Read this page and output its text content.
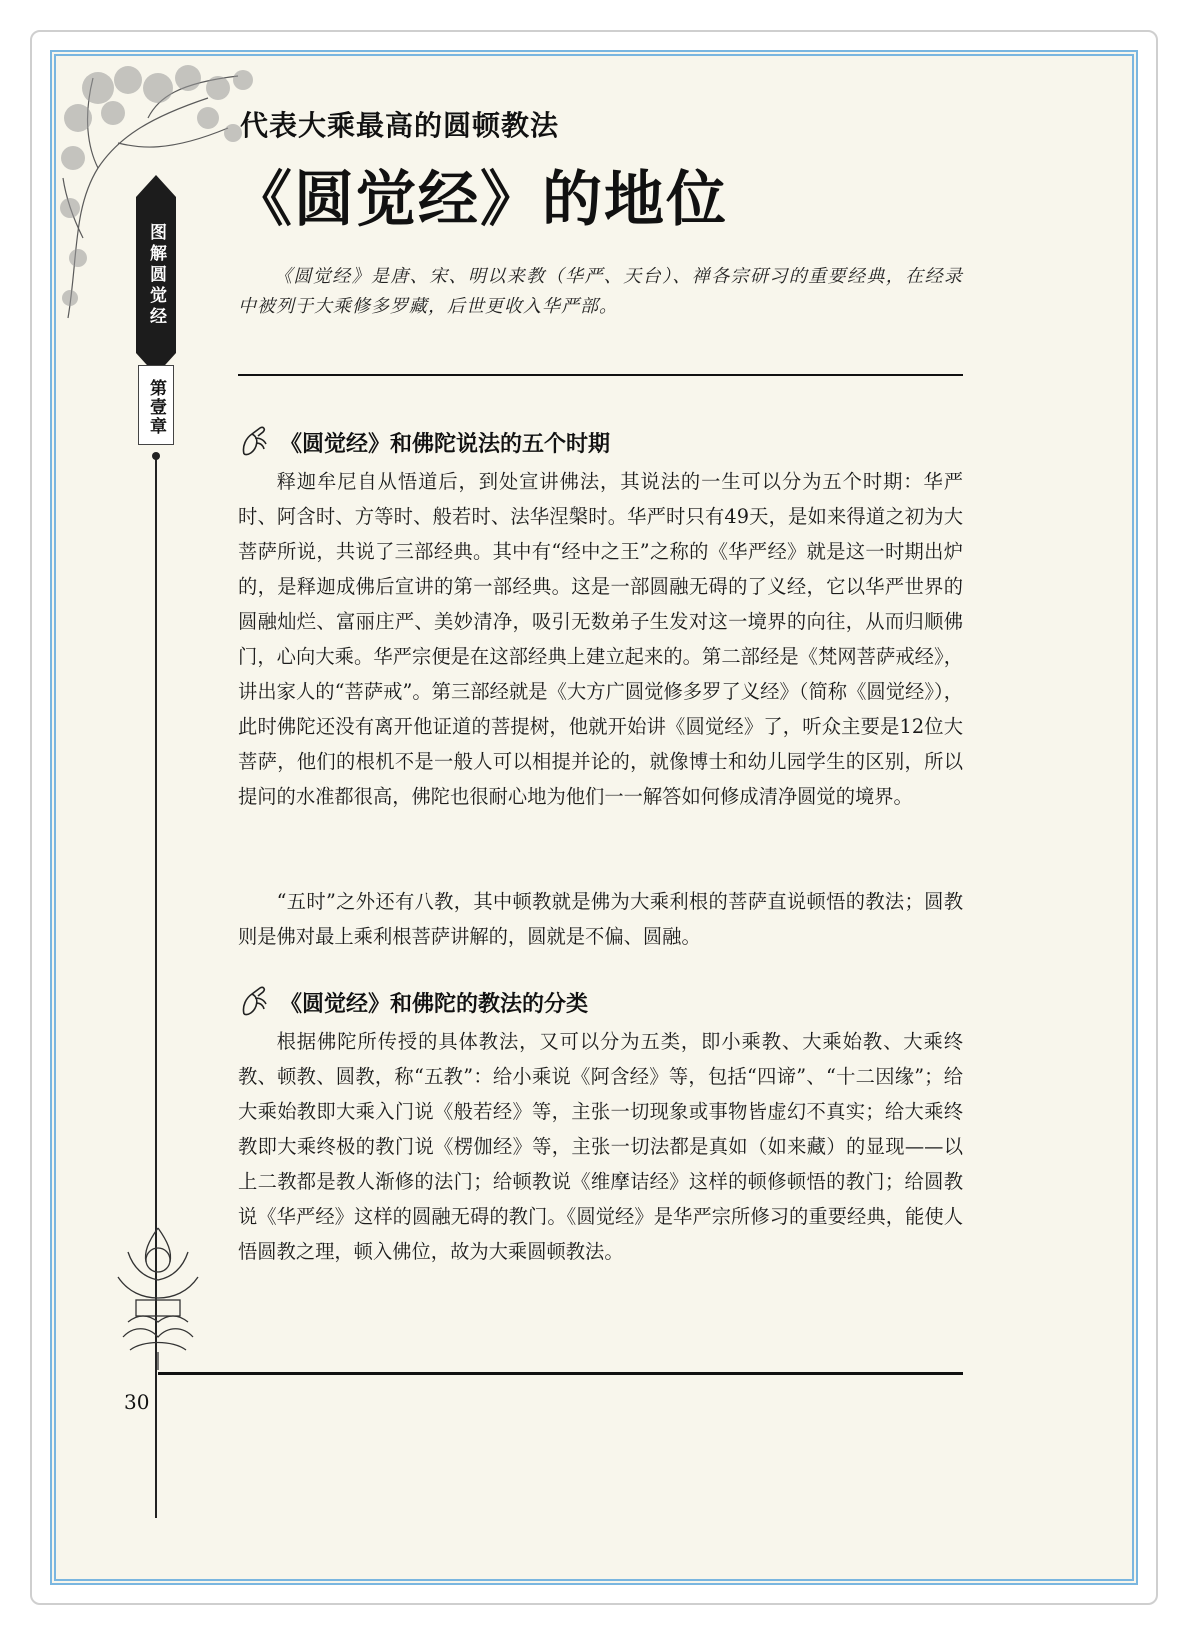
图解圆觉经
第壹章
代表大乘最高的圆顿教法
《圆觉经》的地位

《圆觉经》是唐、宋、明以来教（华严、天台）、禅各宗研习的重要经典，在经录中被列于大乘修多罗藏，后世更收入华严部。

《圆觉经》和佛陀说法的五个时期

释迦牟尼自从悟道后，到处宣讲佛法，其说法的一生可以分为五个时期：华严时、阿含时、方等时、般若时、法华涅槃时。华严时只有49天，是如来得道之初为大菩萨所说，共说了三部经典。其中有“经中之王”之称的《华严经》就是这一时期出炉的，是释迦成佛后宣讲的第一部经典。这是一部圆融无碍的了义经，它以华严世界的圆融灿烂、富丽庄严、美妙清净，吸引无数弟子生发对这一境界的向往，从而归顺佛门，心向大乘。华严宗便是在这部经典上建立起来的。第二部经是《梵网菩萨戒经》，讲出家人的“菩萨戒”。第三部经就是《大方广圆觉修多罗了义经》（简称《圆觉经》），此时佛陀还没有离开他证道的菩提树，他就开始讲《圆觉经》了，听众主要是12位大菩萨，他们的根机不是一般人可以相提并论的，就像博士和幼儿园学生的区别，所以提问的水准都很高，佛陀也很耐心地为他们一一解答如何修成清净圆觉的境界。

“五时”之外还有八教，其中顿教就是佛为大乘利根的菩萨直说顿悟的教法；圆教则是佛对最上乘利根菩萨讲解的，圆就是不偏、圆融。

《圆觉经》和佛陀的教法的分类

根据佛陀所传授的具体教法，又可以分为五类，即小乘教、大乘始教、大乘终教、顿教、圆教，称“五教”：给小乘说《阿含经》等，包括“四谛”、“十二因缘”；给大乘始教即大乘入门说《般若经》等，主张一切现象或事物皆虚幻不真实；给大乘终教即大乘终极的教门说《楞伽经》等，主张一切法都是真如（如来藏）的显现——以上二教都是教人渐修的法门；给顿教说《维摩诘经》这样的顿修顿悟的教门；给圆教说《华严经》这样的圆融无碍的教门。《圆觉经》是华严宗所修习的重要经典，能使人悟圆教之理，顿入佛位，故为大乘圆顿教法。

30
